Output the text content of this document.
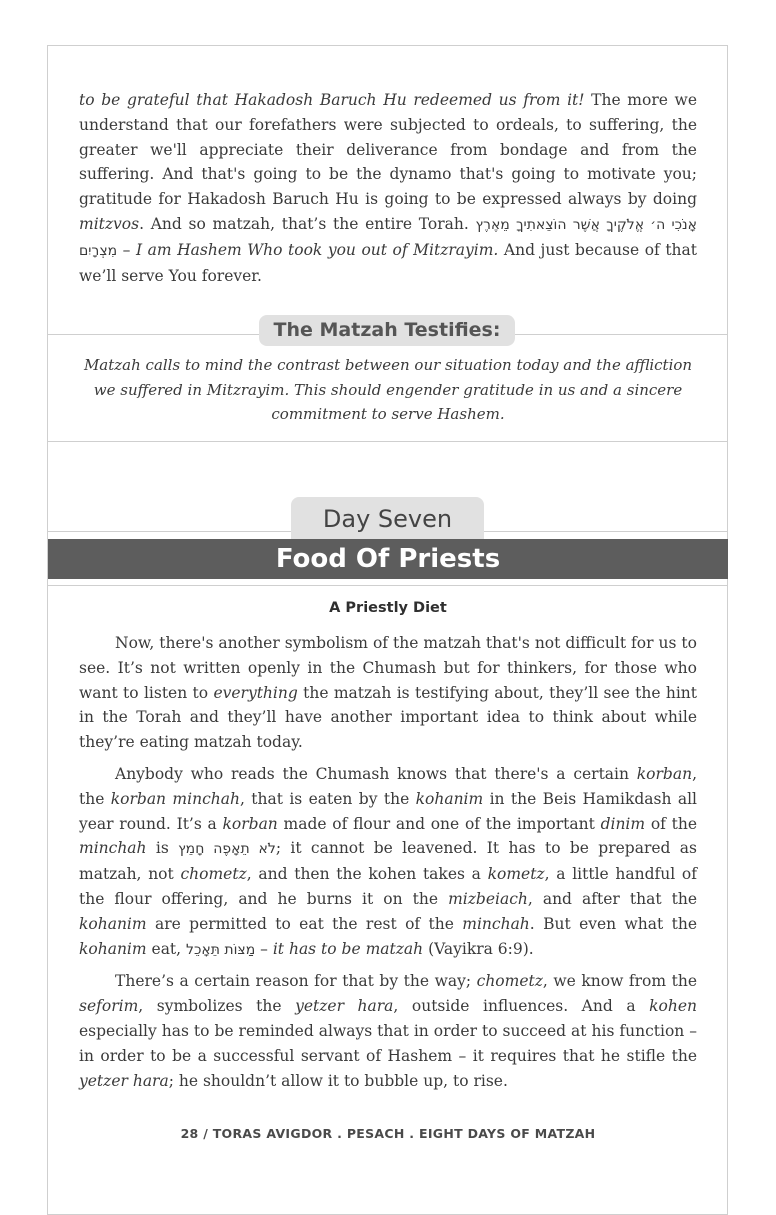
to be grateful that Hakadosh Baruch Hu redeemed us from it! The more we understand that our forefathers were subjected to ordeals, to suffering, the greater we'll appreciate their deliverance from bondage and from the suffering. And that's going to be the dynamo that's going to motivate you; gratitude for Hakadosh Baruch Hu is going to be expressed always by doing mitzvos. And so matzah, that’s the entire Torah. אָנֹכִי ה׳ אֱלֹקֶיךָ אֲשֶׁר הוֹצֵאתִיךָ מֵאֶרֶץ מִצְרָיִם – I am Hashem Who took you out of Mitzrayim. And just because of that we’ll serve You forever.

The Matzah Testifies:
Matzah calls to mind the contrast between our situation today and the affliction we suffered in Mitzrayim. This should engender gratitude in us and a sincere commitment to serve Hashem.
Day Seven
Food Of Priests
A Priestly Diet

Now, there's another symbolism of the matzah that's not difficult for us to see. It’s not written openly in the Chumash but for thinkers, for those who want to listen to everything the matzah is testifying about, they’ll see the hint in the Torah and they’ll have another important idea to think about while they’re eating matzah today.

Anybody who reads the Chumash knows that there's a certain korban, the korban minchah, that is eaten by the kohanim in the Beis Hamikdash all year round. It’s a korban made of flour and one of the important dinim of the minchah is לֹא תֵאָפֶה חָמֵץ; it cannot be leavened. It has to be prepared as matzah, not chometz, and then the kohen takes a kometz, a little handful of the flour offering, and he burns it on the mizbeiach, and after that the kohanim are permitted to eat the rest of the minchah. But even what the kohanim eat, מַצּוֹת תֵּאָכֵל – it has to be matzah (Vayikra 6:9).

There’s a certain reason for that by the way; chometz, we know from the seforim, symbolizes the yetzer hara, outside influences. And a kohen especially has to be reminded always that in order to succeed at his function – in order to be a successful servant of Hashem – it requires that he stifle the yetzer hara; he shouldn’t allow it to bubble up, to rise.

28 / TORAS AVIGDOR . PESACH . EIGHT DAYS OF MATZAH
